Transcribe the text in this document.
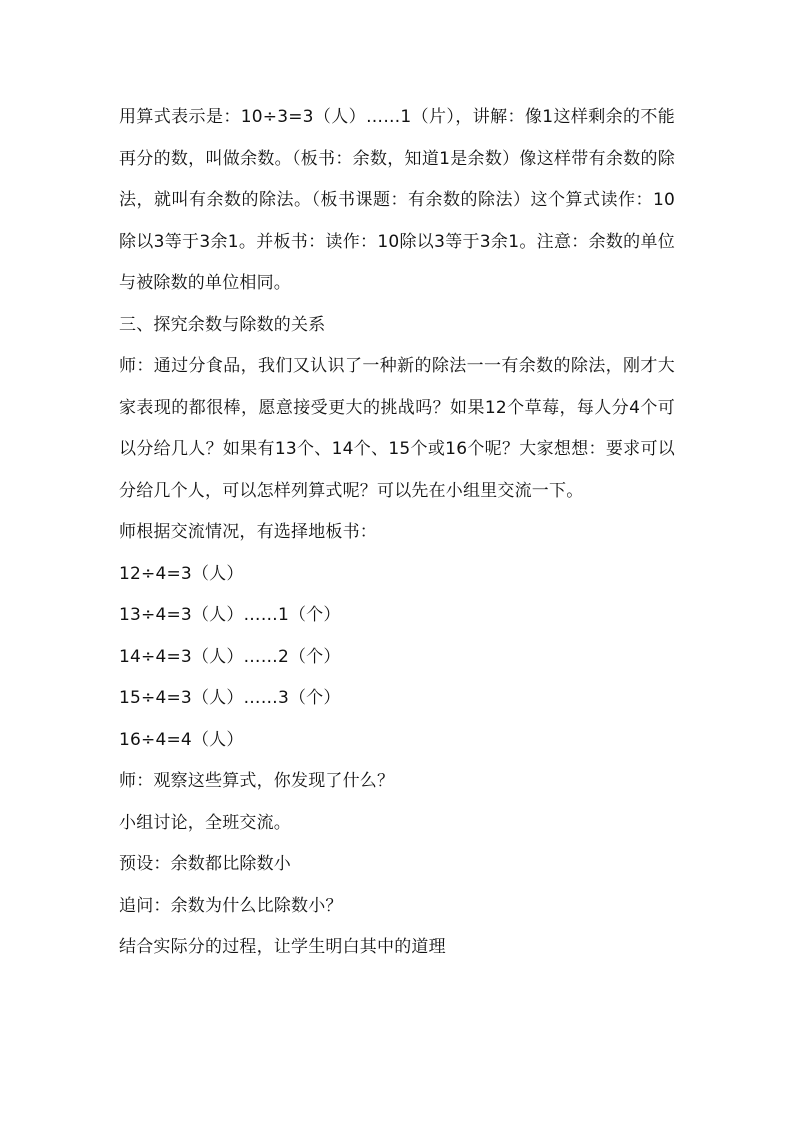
用算式表示是：10÷3=3（人）……1（片），讲解：像1这样剩余的不能再分的数，叫做余数。（板书：余数，知道1是余数）像这样带有余数的除法，就叫有余数的除法。（板书课题：有余数的除法）这个算式读作：10除以3等于3余1。并板书：读作：10除以3等于3余1。注意：余数的单位与被除数的单位相同。

三、探究余数与除数的关系

师：通过分食品，我们又认识了一种新的除法一一有余数的除法，刚才大家表现的都很棒，愿意接受更大的挑战吗？如果12个草莓，每人分4个可以分给几人？如果有13个、14个、15个或16个呢？大家想想：要求可以分给几个人，可以怎样列算式呢？可以先在小组里交流一下。

师根据交流情况，有选择地板书：

12÷4=3（人）

13÷4=3（人）……1（个）

14÷4=3（人）……2（个）

15÷4=3（人）……3（个）

16÷4=4（人）

师：观察这些算式，你发现了什么？

小组讨论，全班交流。

预设：余数都比除数小

追问：余数为什么比除数小？

结合实际分的过程，让学生明白其中的道理
